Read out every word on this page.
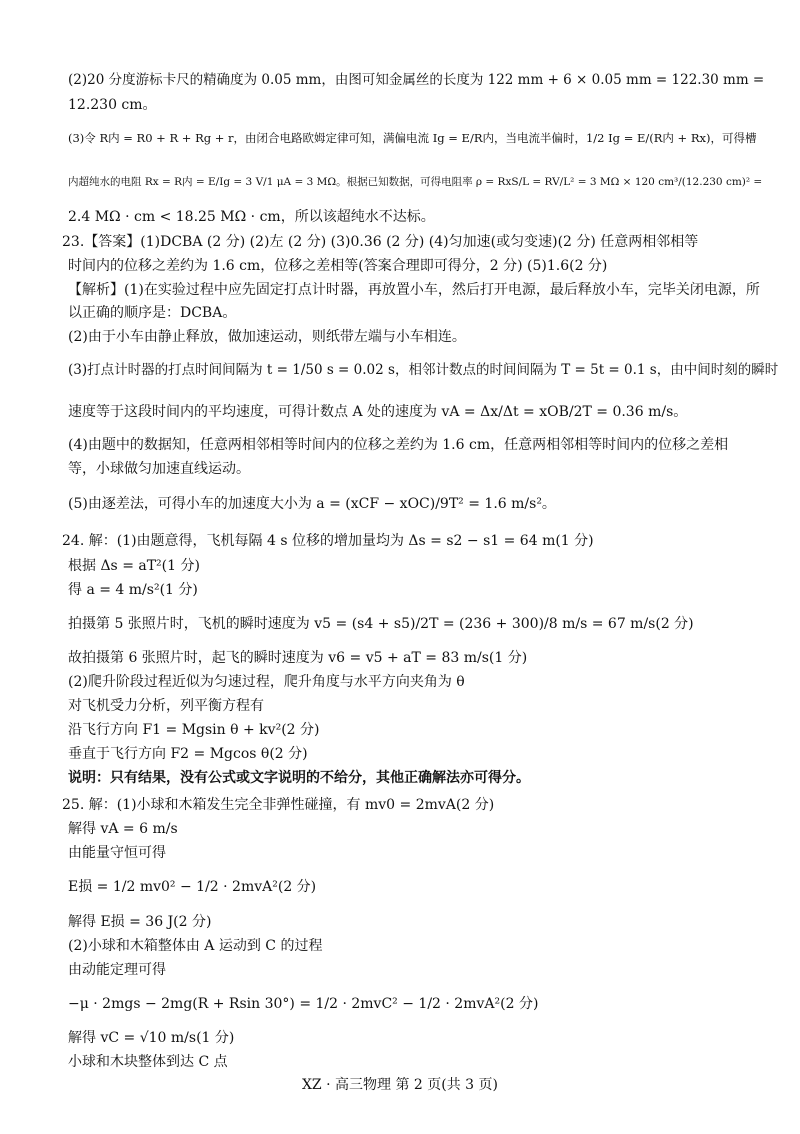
(2)20 分度游标卡尺的精确度为 0.05 mm，由图可知金属丝的长度为 122 mm + 6 × 0.05 mm = 122.30 mm =
12.230 cm。
(3)令 R内 = R0 + R + Rg + r，由闭合电路欧姆定律可知，满偏电流 Ig = E/R内，当电流半偏时，1/2 Ig = E/(R内 + Rx)，可得槽
内超纯水的电阻 Rx = R内 = E/Ig = 3 V/1 μA = 3 MΩ。根据已知数据，可得电阻率 ρ = RxS/L = RV/L² = 3 MΩ × 120 cm³/(12.230 cm)² =
2.4 MΩ · cm < 18.25 MΩ · cm，所以该超纯水不达标。
23.【答案】(1)DCBA (2 分) (2)左 (2 分) (3)0.36 (2 分) (4)匀加速(或匀变速)(2 分) 任意两相邻相等
时间内的位移之差约为 1.6 cm，位移之差相等(答案合理即可得分，2 分) (5)1.6(2 分)
【解析】(1)在实验过程中应先固定打点计时器，再放置小车，然后打开电源，最后释放小车，完毕关闭电源，所
以正确的顺序是：DCBA。
(2)由于小车由静止释放，做加速运动，则纸带左端与小车相连。
(3)打点计时器的打点时间间隔为 t = 1/50 s = 0.02 s，相邻计数点的时间间隔为 T = 5t = 0.1 s，由中间时刻的瞬时
速度等于这段时间内的平均速度，可得计数点 A 处的速度为 vA = Δx/Δt = xOB/2T = 0.36 m/s。
(4)由题中的数据知，任意两相邻相等时间内的位移之差约为 1.6 cm，任意两相邻相等时间内的位移之差相
等，小球做匀加速直线运动。
(5)由逐差法，可得小车的加速度大小为 a = (xCF − xOC)/9T² = 1.6 m/s²。
24. 解：(1)由题意得，飞机每隔 4 s 位移的增加量均为 Δs = s2 − s1 = 64 m(1 分)
根据 Δs = aT²(1 分)
得 a = 4 m/s²(1 分)
拍摄第 5 张照片时，飞机的瞬时速度为 v5 = (s4 + s5)/2T = (236 + 300)/8 m/s = 67 m/s(2 分)
故拍摄第 6 张照片时，起飞的瞬时速度为 v6 = v5 + aT = 83 m/s(1 分)
(2)爬升阶段过程近似为匀速过程，爬升角度与水平方向夹角为 θ
对飞机受力分析，列平衡方程有
沿飞行方向 F1 = Mgsin θ + kv²(2 分)
垂直于飞行方向 F2 = Mgcos θ(2 分)
说明：只有结果，没有公式或文字说明的不给分，其他正确解法亦可得分。
25. 解：(1)小球和木箱发生完全非弹性碰撞，有 mv0 = 2mvA(2 分)
解得 vA = 6 m/s
由能量守恒可得
E损 = 1/2 mv0² − 1/2 · 2mvA²(2 分)
解得 E损 = 36 J(2 分)
(2)小球和木箱整体由 A 运动到 C 的过程
由动能定理可得
−μ · 2mgs − 2mg(R + Rsin 30°) = 1/2 · 2mvC² − 1/2 · 2mvA²(2 分)
解得 vC = √10 m/s(1 分)
小球和木块整体到达 C 点
XZ · 高三物理 第 2 页(共 3 页)
